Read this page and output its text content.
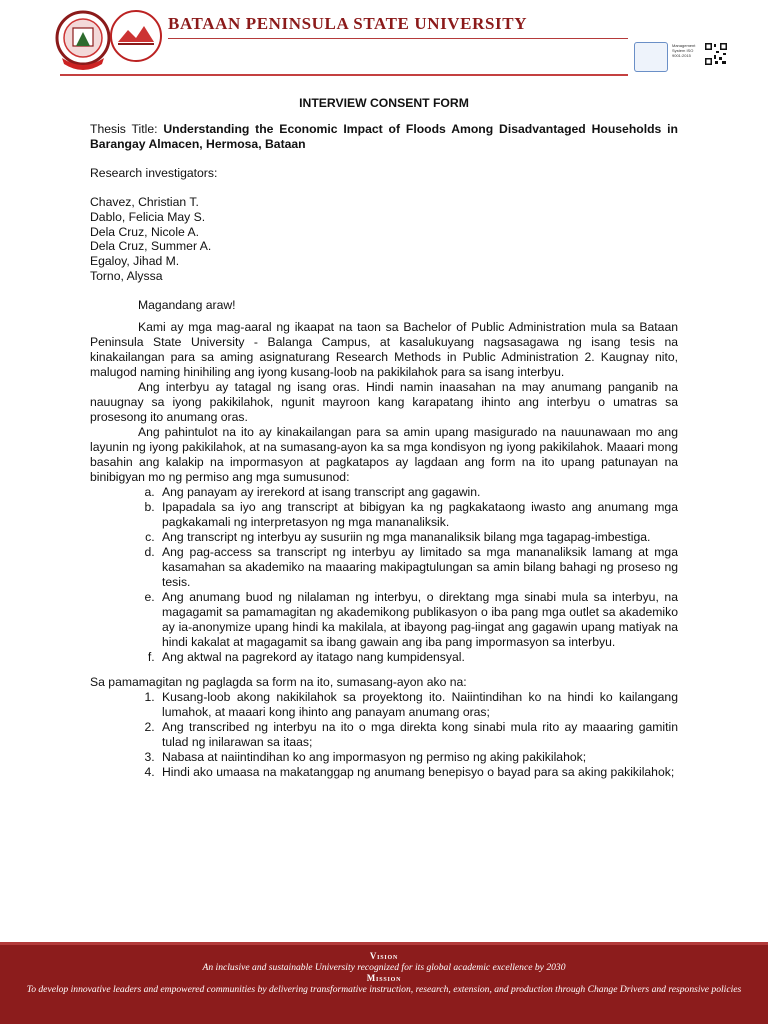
BATAAN PENINSULA STATE UNIVERSITY
Management System ISO 9001:2015
INTERVIEW CONSENT FORM
Thesis Title: Understanding the Economic Impact of Floods Among Disadvantaged Households in Barangay Almacen, Hermosa, Bataan
Research investigators:
Chavez, Christian T.
Dablo, Felicia May S.
Dela Cruz, Nicole A.
Dela Cruz, Summer A.
Egaloy, Jihad M.
Torno, Alyssa
Magandang araw!

Kami ay mga mag-aaral ng ikaapat na taon sa Bachelor of Public Administration mula sa Bataan Peninsula State University - Balanga Campus, at kasalukuyang nagsasagawa ng isang tesis na kinakailangan para sa aming asignaturang Research Methods in Public Administration 2. Kaugnay nito, malugod naming hinihiling ang iyong kusang-loob na pakikilahok para sa isang interbyu.

Ang interbyu ay tatagal ng isang oras. Hindi namin inaasahan na may anumang panganib na nauugnay sa iyong pakikilahok, ngunit mayroon kang karapatang ihinto ang interbyu o umatras sa prosesong ito anumang oras.

Ang pahintulot na ito ay kinakailangan para sa amin upang masigurado na nauunawaan mo ang layunin ng iyong pakikilahok, at na sumasang-ayon ka sa mga kondisyon ng iyong pakikilahok. Maaari mong basahin ang kalakip na impormasyon at pagkatapos ay lagdaan ang form na ito upang patunayan na binibigyan mo ng permiso ang mga sumusunod:

a. Ang panayam ay irerekord at isang transcript ang gagawin.
b. Ipapadala sa iyo ang transcript at bibigyan ka ng pagkakataong iwasto ang anumang mga pagkakamali ng interpretasyon ng mga mananaliksik.
c. Ang transcript ng interbyu ay susuriin ng mga mananaliksik bilang mga tagapag-imbestiga.
d. Ang pag-access sa transcript ng interbyu ay limitado sa mga mananaliksik lamang at mga kasamahan sa akademiko na maaaring makipagtulungan sa amin bilang bahagi ng proseso ng tesis.
e. Ang anumang buod ng nilalaman ng interbyu, o direktang mga sinabi mula sa interbyu, na magagamit sa pamamagitan ng akademikong publikasyon o iba pang mga outlet sa akademiko ay ia-anonymize upang hindi ka makilala, at ibayong pag-iingat ang gagawin upang matiyak na hindi kakalat at magagamit sa ibang gawain ang iba pang impormasyon sa interbyu.
f. Ang aktwal na pagrekord ay itatago nang kumpidensyal.
Sa pamamagitan ng paglagda sa form na ito, sumasang-ayon ako na:
1. Kusang-loob akong nakikilahok sa proyektong ito. Naiintindihan ko na hindi ko kailangang lumahok, at maaari kong ihinto ang panayam anumang oras;
2. Ang transcribed ng interbyu na ito o mga direkta kong sinabi mula rito ay maaaring gamitin tulad ng inilarawan sa itaas;
3. Nabasa at naiintindihan ko ang impormasyon ng permiso ng aking pakikilahok;
4. Hindi ako umaasa na makatanggap ng anumang benepisyo o bayad para sa aking pakikilahok;
Vision
An inclusive and sustainable University recognized for its global academic excellence by 2030
Mission
To develop innovative leaders and empowered communities by delivering transformative instruction, research, extension, and production through Change Drivers and responsive policies
